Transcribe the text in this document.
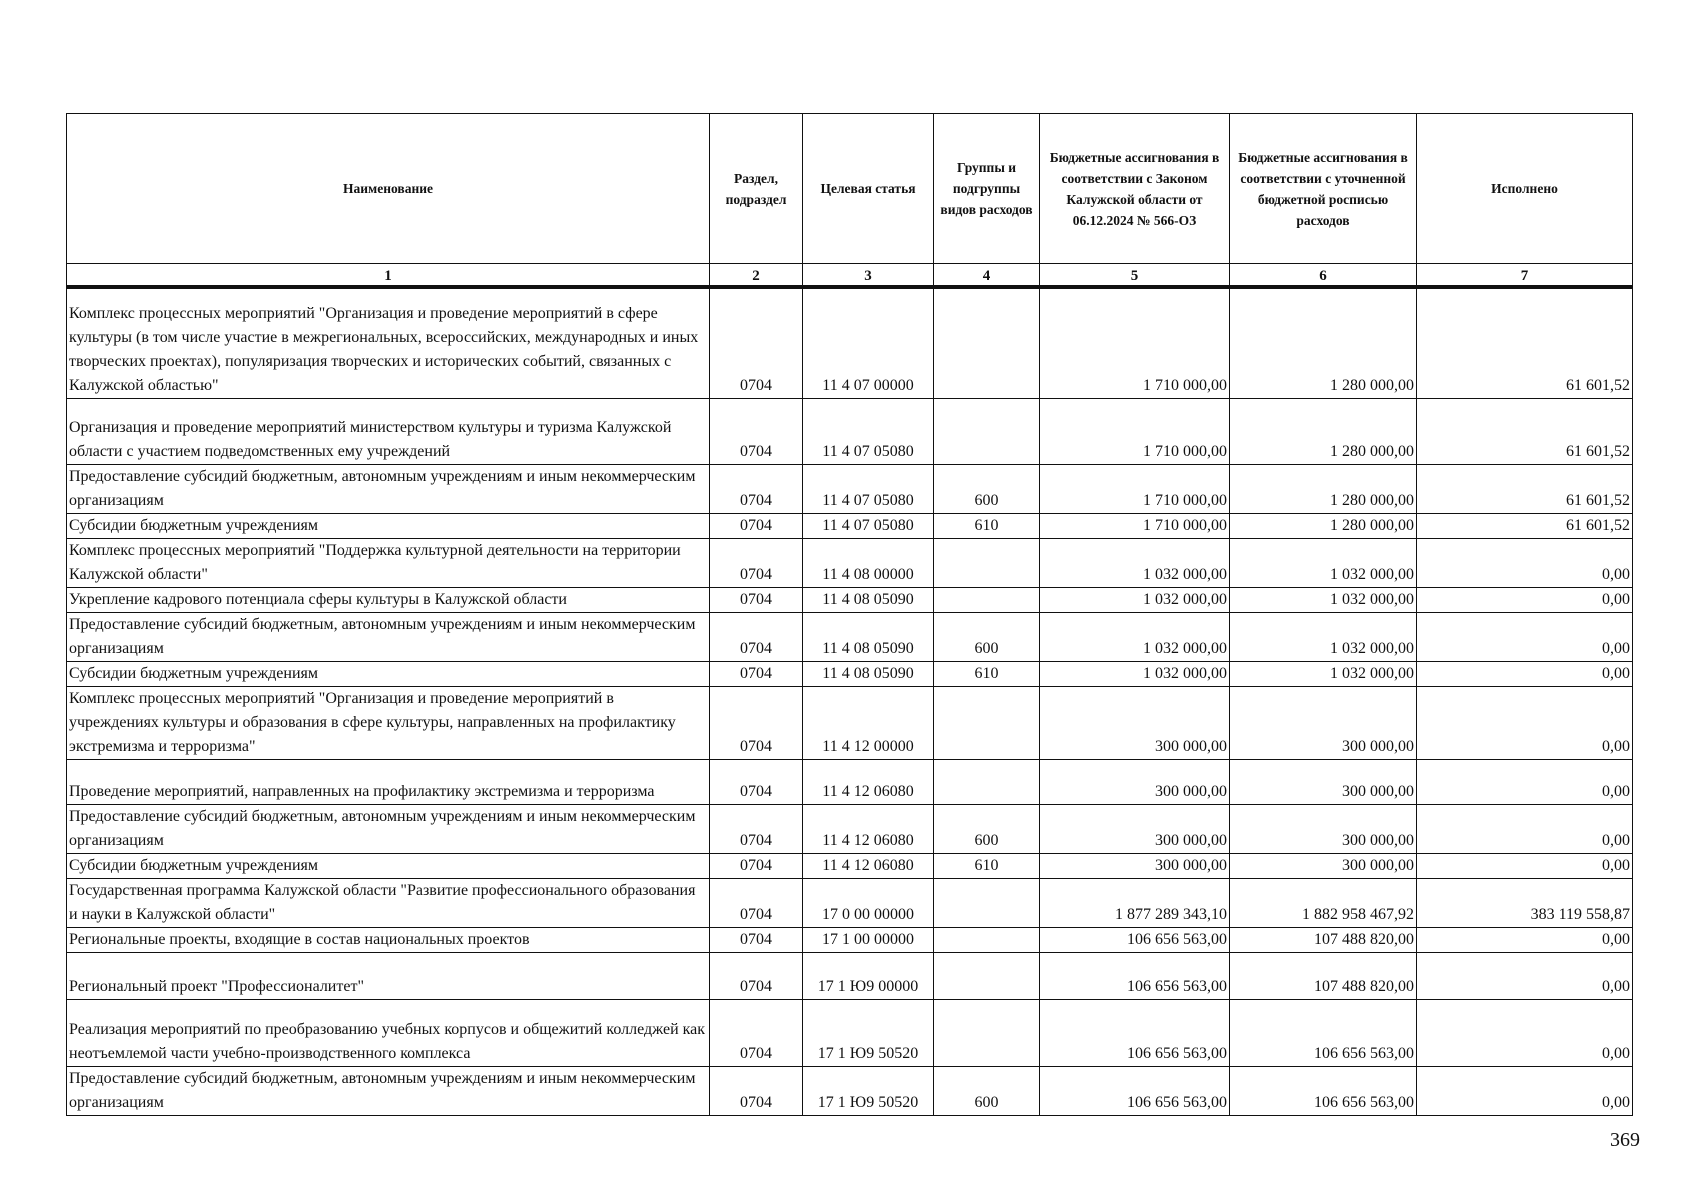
Наименование	Раздел, подраздел	Целевая статья	Группы и подгруппы видов расходов	Бюджетные ассигнования в соответствии с Законом Калужской области от 06.12.2024 № 566-ОЗ	Бюджетные ассигнования в соответствии с уточненной бюджетной росписью расходов	Исполнено
1	2	3	4	5	6	7
Комплекс процессных мероприятий "Организация и проведение мероприятий в сфере культуры (в том числе участие в межрегиональных, всероссийских, международных и иных творческих проектах), популяризация творческих и исторических событий, связанных с Калужской областью"	0704	11 4 07 00000		1 710 000,00	1 280 000,00	61 601,52
Организация и проведение мероприятий министерством культуры и туризма Калужской области с участием подведомственных ему учреждений	0704	11 4 07 05080		1 710 000,00	1 280 000,00	61 601,52
Предоставление субсидий бюджетным, автономным учреждениям и иным некоммерческим организациям	0704	11 4 07 05080	600	1 710 000,00	1 280 000,00	61 601,52
Субсидии бюджетным учреждениям	0704	11 4 07 05080	610	1 710 000,00	1 280 000,00	61 601,52
Комплекс процессных мероприятий "Поддержка культурной деятельности на территории Калужской области"	0704	11 4 08 00000		1 032 000,00	1 032 000,00	0,00
Укрепление кадрового потенциала сферы культуры в Калужской области	0704	11 4 08 05090		1 032 000,00	1 032 000,00	0,00
Предоставление субсидий бюджетным, автономным учреждениям и иным некоммерческим организациям	0704	11 4 08 05090	600	1 032 000,00	1 032 000,00	0,00
Субсидии бюджетным учреждениям	0704	11 4 08 05090	610	1 032 000,00	1 032 000,00	0,00
Комплекс процессных мероприятий "Организация и проведение мероприятий в учреждениях культуры и образования в сфере культуры, направленных на профилактику экстремизма и терроризма"	0704	11 4 12 00000		300 000,00	300 000,00	0,00
Проведение мероприятий, направленных на профилактику экстремизма и терроризма	0704	11 4 12 06080		300 000,00	300 000,00	0,00
Предоставление субсидий бюджетным, автономным учреждениям и иным некоммерческим организациям	0704	11 4 12 06080	600	300 000,00	300 000,00	0,00
Субсидии бюджетным учреждениям	0704	11 4 12 06080	610	300 000,00	300 000,00	0,00
Государственная программа Калужской области "Развитие профессионального образования и науки в Калужской области"	0704	17 0 00 00000		1 877 289 343,10	1 882 958 467,92	383 119 558,87
Региональные проекты, входящие в состав национальных проектов	0704	17 1 00 00000		106 656 563,00	107 488 820,00	0,00
Региональный проект "Профессионалитет"	0704	17 1 Ю9 00000		106 656 563,00	107 488 820,00	0,00
Реализация мероприятий по преобразованию учебных корпусов и общежитий колледжей как неотъемлемой части учебно-производственного комплекса	0704	17 1 Ю9 50520		106 656 563,00	106 656 563,00	0,00
Предоставление субсидий бюджетным, автономным учреждениям и иным некоммерческим организациям	0704	17 1 Ю9 50520	600	106 656 563,00	106 656 563,00	0,00
369
